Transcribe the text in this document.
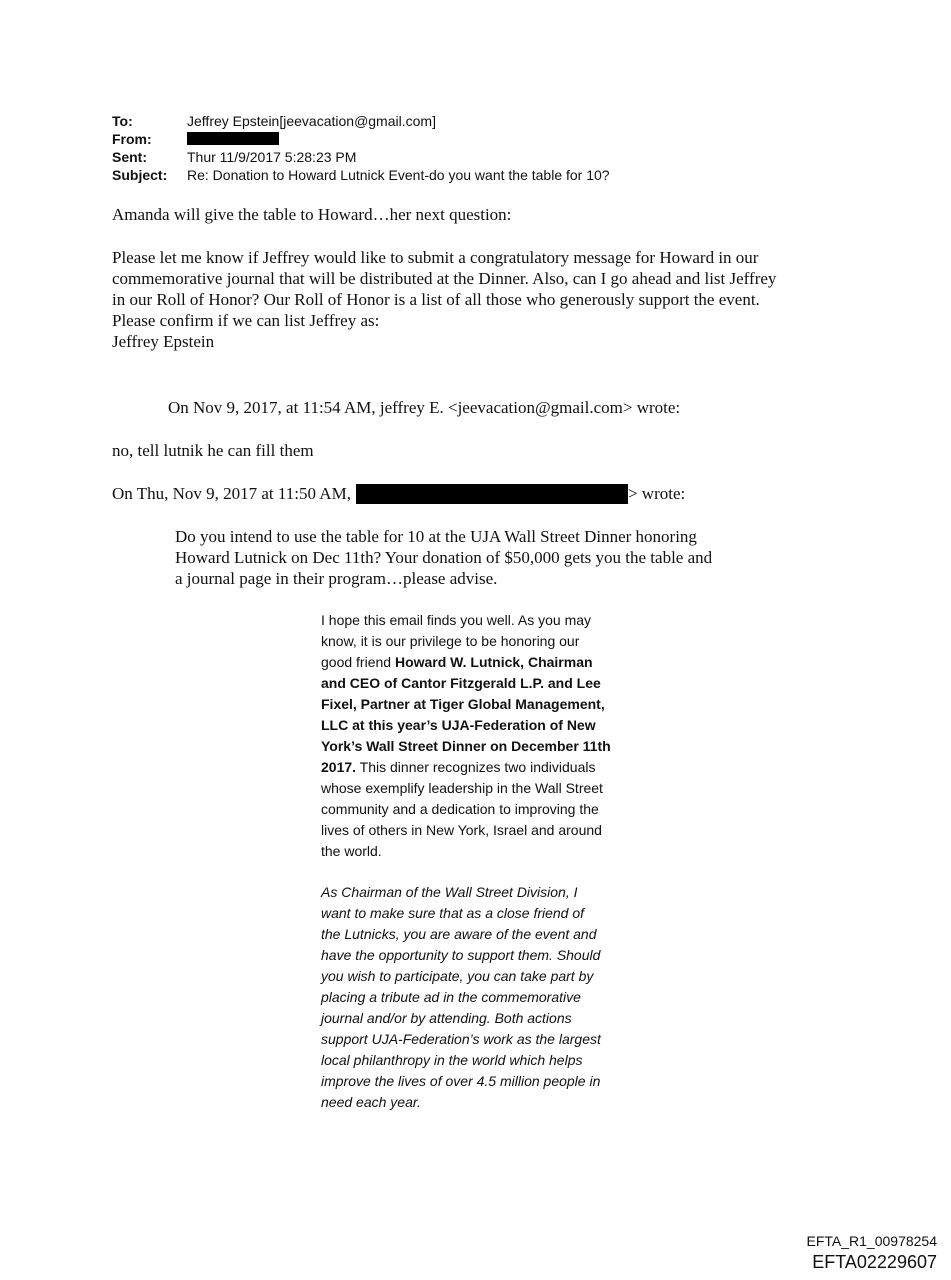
To:	Jeffrey Epstein[jeevacation@gmail.com]
From:
Sent:	Thur 11/9/2017 5:28:23 PM
Subject:	Re: Donation to Howard Lutnick Event-do you want the table for 10?

Amanda will give the table to Howard…her next question:

Please let me know if Jeffrey would like to submit a congratulatory message for Howard in our
commemorative journal that will be distributed at the Dinner. Also, can I go ahead and list Jeffrey
in our Roll of Honor? Our Roll of Honor is a list of all those who generously support the event.
Please confirm if we can list Jeffrey as:
Jeffrey Epstein

On Nov 9, 2017, at 11:54 AM, jeffrey E. <jeevacation@gmail.com> wrote:

no, tell lutnik he can fill them

On Thu, Nov 9, 2017 at 11:50 AM,	> wrote:
Do you intend to use the table for 10 at the UJA Wall Street Dinner honoring
Howard Lutnick on Dec 11th? Your donation of $50,000 gets you the table and
a journal page in their program…please advise.
I hope this email finds you well. As you may
know, it is our privilege to be honoring our
good friend Howard W. Lutnick, Chairman
and CEO of Cantor Fitzgerald L.P. and Lee
Fixel, Partner at Tiger Global Management,
LLC at this year’s UJA-Federation of New
York’s Wall Street Dinner on December 11th
2017. This dinner recognizes two individuals
whose exemplify leadership in the Wall Street
community and a dedication to improving the
lives of others in New York, Israel and around
the world.
As Chairman of the Wall Street Division, I
want to make sure that as a close friend of
the Lutnicks, you are aware of the event and
have the opportunity to support them. Should
you wish to participate, you can take part by
placing a tribute ad in the commemorative
journal and/or by attending. Both actions
support UJA-Federation’s work as the largest
local philanthropy in the world which helps
improve the lives of over 4.5 million people in
need each year.
EFTA_R1_00978254
EFTA02229607
